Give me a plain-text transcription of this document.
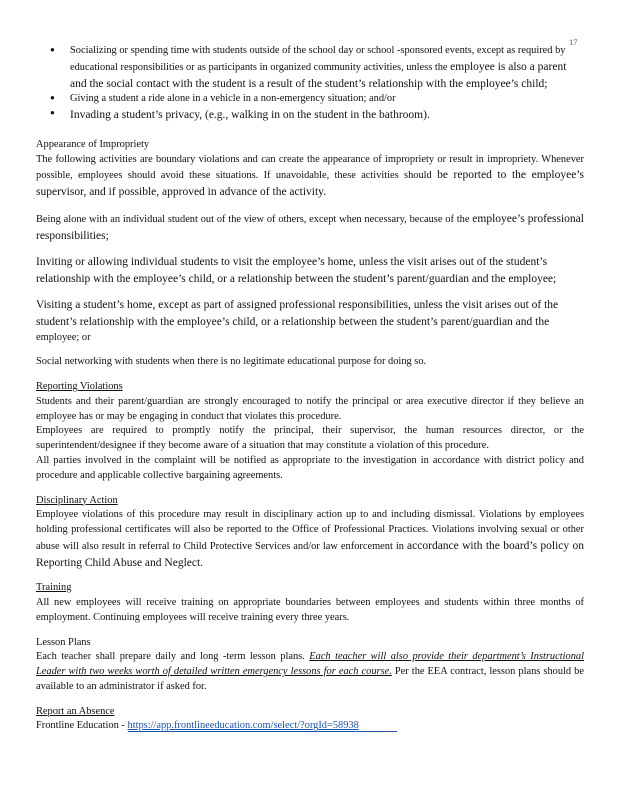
17
● Socializing or spending time with students outside of the school day or school -sponsored events, except as required by educational responsibilities or as participants in organized community activities, unless the employee is also a parent and the social contact with the student is a result of the student’s relationship with the employee’s child;
● Giving a student a ride alone in a vehicle in a non-emergency situation; and/or
● Invading a student’s privacy, (e.g., walking in on the student in the bathroom).
Appearance of Impropriety

The following activities are boundary violations and can create the appearance of impropriety or result in impropriety. Whenever possible, employees should avoid these situations. If unavoidable, these activities should be reported to the employee’s supervisor, and if possible, approved in advance of the activity.

Being alone with an individual student out of the view of others, except when necessary, because of the employee’s professional responsibilities;

Inviting or allowing individual students to visit the employee’s home, unless the visit arises out of the student’s relationship with the employee’s child, or a relationship between the student’s parent/guardian and the employee;

Visiting a student’s home, except as part of assigned professional responsibilities, unless the visit arises out of the student’s relationship with the employee’s child, or a relationship between the student’s parent/guardian and the employee; or

Social networking with students when there is no legitimate educational purpose for doing so.

Reporting Violations

Students and their parent/guardian are strongly encouraged to notify the principal or area executive director if they believe an employee has or may be engaging in conduct that violates this procedure.

Employees are required to promptly notify the principal, their supervisor, the human resources director, or the superintendent/designee if they become aware of a situation that may constitute a violation of this procedure.

All parties involved in the complaint will be notified as appropriate to the investigation in accordance with district policy and procedure and applicable collective bargaining agreements.

Disciplinary Action

Employee violations of this procedure may result in disciplinary action up to and including dismissal. Violations by employees holding professional certificates will also be reported to the Office of Professional Practices. Violations involving sexual or other abuse will also result in referral to Child Protective Services and/or law enforcement in accordance with the board’s policy on Reporting Child Abuse and Neglect.

Training

All new employees will receive training on appropriate boundaries between employees and students within three months of employment. Continuing employees will receive training every three years.

Lesson Plans

Each teacher shall prepare daily and long -term lesson plans. Each teacher will also provide their department’s Instructional Leader with two weeks worth of detailed written emergency lessons for each course. Per the EEA contract, lesson plans should be available to an administrator if asked for.

Report an Absence

Frontline Education - https://app.frontlineeducation.com/select/?orgId=58938
